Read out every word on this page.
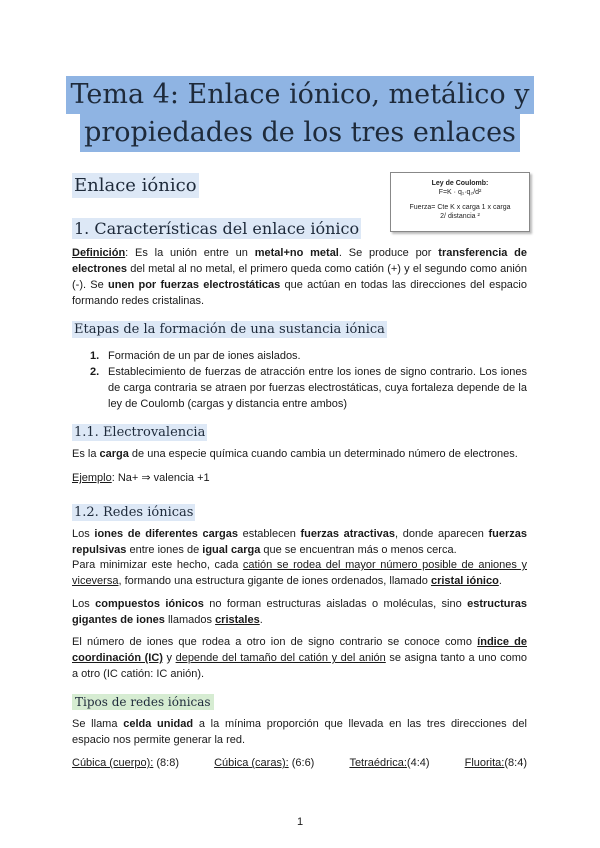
Tema 4: Enlace iónico, metálico y
propiedades de los tres enlaces
Ley de Coulomb:
F=K · q₁·q₂/d²
Fuerza= Cte K x carga 1 x carga
2/ distancia ²
Enlace iónico
1. Características del enlace iónico
Definición: Es la unión entre un metal+no metal. Se produce por transferencia de electrones del metal al no metal, el primero queda como catión (+) y el segundo como anión (-). Se unen por fuerzas electrostáticas que actúan en todas las direcciones del espacio formando redes cristalinas.
Etapas de la formación de una sustancia iónica
1. Formación de un par de iones aislados.
2. Establecimiento de fuerzas de atracción entre los iones de signo contrario. Los iones de carga contraria se atraen por fuerzas electrostáticas, cuya fortaleza depende de la ley de Coulomb (cargas y distancia entre ambos)
1.1. Electrovalencia
Es la carga de una especie química cuando cambia un determinado número de electrones.
Ejemplo: Na+ ⇒ valencia +1
1.2. Redes iónicas
Los iones de diferentes cargas establecen fuerzas atractivas, donde aparecen fuerzas repulsivas entre iones de igual carga que se encuentran más o menos cerca.
Para minimizar este hecho, cada catión se rodea del mayor número posible de aniones y viceversa, formando una estructura gigante de iones ordenados, llamado cristal iónico.
Los compuestos iónicos no forman estructuras aisladas o moléculas, sino estructuras gigantes de iones llamados cristales.
El número de iones que rodea a otro ion de signo contrario se conoce como índice de coordinación (IC) y depende del tamaño del catión y del anión se asigna tanto a uno como a otro (IC catión: IC anión).
Tipos de redes iónicas
Se llama celda unidad a la mínima proporción que llevada en las tres direcciones del espacio nos permite generar la red.
Cúbica (cuerpo): (8:8)	Cúbica (caras): (6:6)	Tetraédrica:(4:4)	Fluorita:(8:4)
1
